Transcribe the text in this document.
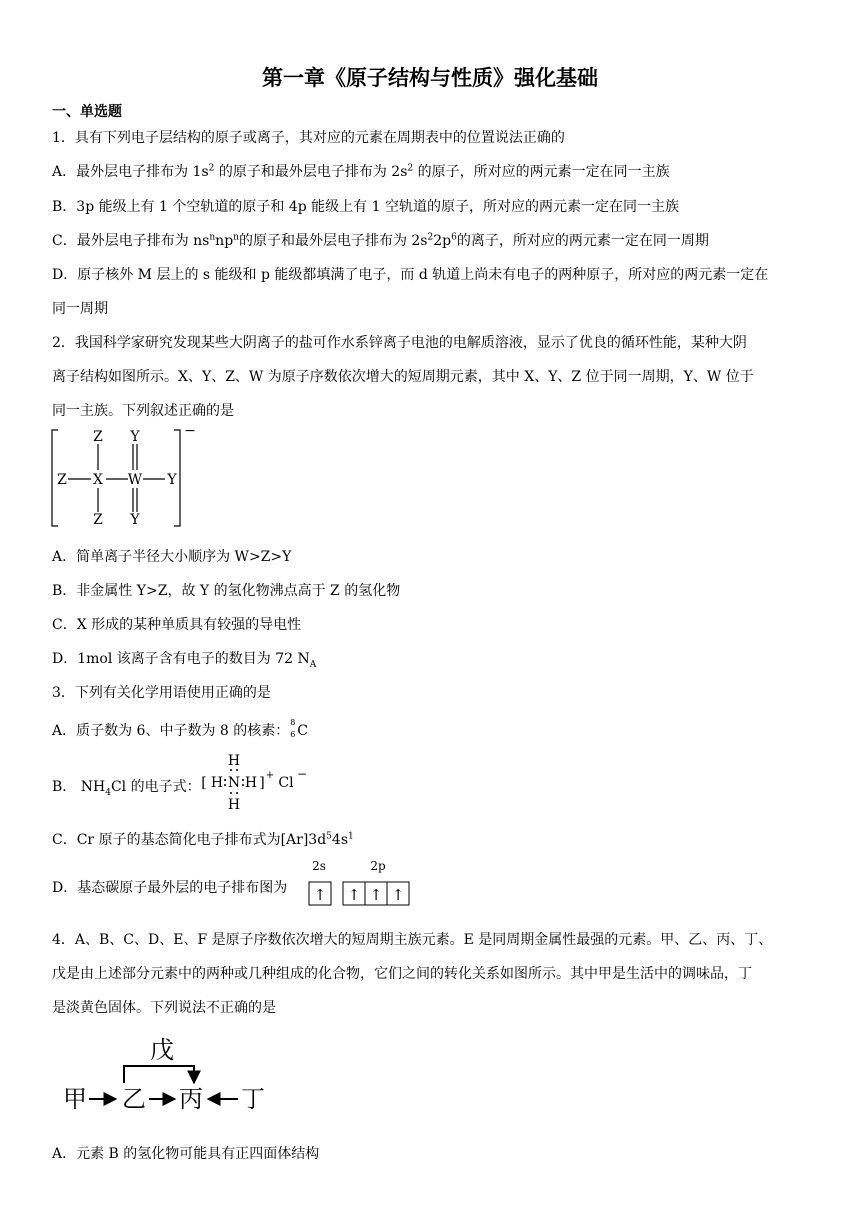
第一章《原子结构与性质》强化基础
一、单选题
1．具有下列电子层结构的原子或离子，其对应的元素在周期表中的位置说法正确的
A．最外层电子排布为 $1s^2$ 的原子和最外层电子排布为 $2s^2$ 的原子，所对应的两元素一定在同一主族
B．3p 能级上有 1 个空轨道的原子和 4p 能级上有 1 空轨道的原子，所对应的两元素一定在同一主族
C．最外层电子排布为 $ns^nnp^n$的原子和最外层电子排布为 $2s^22p^6$的离子，所对应的两元素一定在同一周期
D．原子核外 M 层上的 s 能级和 p 能级都填满了电子，而 d 轨道上尚未有电子的两种原子，所对应的两元素一定在
同一周期
2．我国科学家研究发现某些大阴离子的盐可作水系锌离子电池的电解质溶液，显示了优良的循环性能，某种大阴
离子结构如图所示。X、Y、Z、W 为原子序数依次增大的短周期元素，其中 X、Y、Z 位于同一周期，Y、W 位于
同一主族。下列叙述正确的是
Z X W Y
Z Y
Z Y
−
A．简单离子半径大小顺序为 W>Z>Y
B．非金属性 Y>Z，故 Y 的氢化物沸点高于 Z 的氢化物
C．X 形成的某种单质具有较强的导电性
D．1mol 该离子含有电子的数目为 72 $N_A$
3．下列有关化学用语使用正确的是
A．质子数为 6、中子数为 8 的核素：
8
6 C
B． $NH_4Cl$ 的电子式： [ H N H
H
H
] + Cl
−
C．Cr 原子的基态简化电子排布式为$[Ar]3d^54s^1$
D．基态碳原子最外层的电子排布图为
2s	2p
↑ ↑ ↑ ↑
4．A、B、C、D、E、F 是原子序数依次增大的短周期主族元素。E 是同周期金属性最强的元素。甲、乙、丙、丁、
戊是由上述部分元素中的两种或几种组成的化合物，它们之间的转化关系如图所示。其中甲是生活中的调味品，丁
是淡黄色固体。下列说法不正确的是
戊
甲 乙 丙 丁
A．元素 B 的氢化物可能具有正四面体结构
